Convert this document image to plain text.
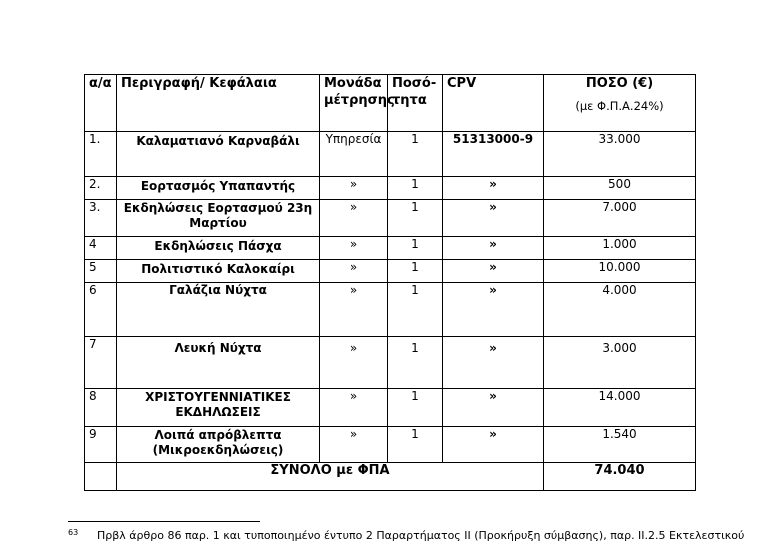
α/α	Περιγραφή/ Κεφάλαια	Μονάδα μέτρησης	Ποσό-τητα	CPV	ΠΟΣΟ (€)
(με Φ.Π.Α.24%)

1.	Καλαματιανό Καρναβάλι	Υπηρεσία	1	51313000-9	33.000
2.	Εορτασμός Υπαπαντής	»	1	»	500
3.	Εκδηλώσεις Εορτασμού 23η Μαρτίου	»	1	»	7.000
4	Εκδηλώσεις Πάσχα	»	1	»	1.000
5	Πολιτιστικό Καλοκαίρι	»	1	»	10.000
6	Γαλάζια Νύχτα	»	1	»	4.000
7	Λευκή Νύχτα	»	1	»	3.000
8	ΧΡΙΣΤΟΥΓΕΝΝΙΑΤΙΚΕΣ ΕΚΔΗΛΩΣΕΙΣ	»	1	»	14.000
9	Λοιπά απρόβλεπτα (Μικροεκδηλώσεις)	»	1	»	1.540
	ΣΥΝΟΛΟ με ΦΠΑ				74.040
63 Πρβλ άρθρο 86 παρ. 1 και τυποποιημένο έντυπο 2 Παραρτήματος ΙΙ (Προκήρυξη σύμβασης), παρ. ΙΙ.2.5 Εκτελεστικού
